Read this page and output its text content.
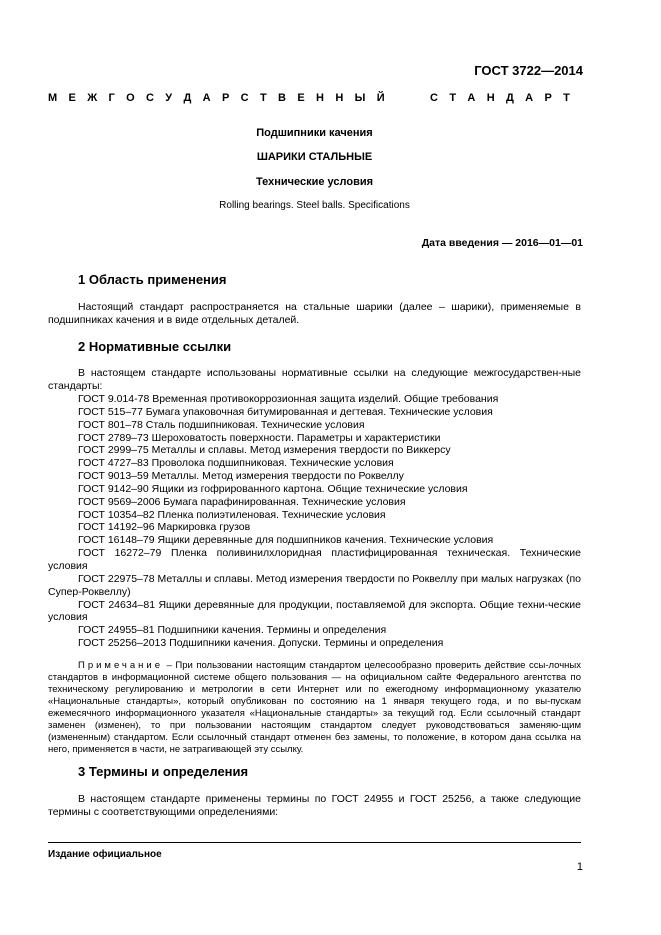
ГОСТ 3722—2014
М Е Ж Г О С У Д А Р С Т В Е Н Н Ы Й	С Т А Н Д А Р Т
Подшипники качения
ШАРИКИ СТАЛЬНЫЕ
Технические условия
Rolling bearings. Steel balls. Specifications
Дата введения — 2016—01—01
1 Область применения
Настоящий стандарт распространяется на стальные шарики (далее – шарики), применяемые в подшипниках качения и в виде отдельных деталей.
2 Нормативные ссылки
В настоящем стандарте использованы нормативные ссылки на следующие межгосударствен-ные стандарты:
ГОСТ 9.014-78 Временная противокоррозионная защита изделий. Общие требования
ГОСТ 515–77 Бумага упаковочная битумированная и дегтевая. Технические условия
ГОСТ 801–78 Сталь подшипниковая. Технические условия
ГОСТ 2789–73 Шероховатость поверхности. Параметры и характеристики
ГОСТ 2999–75 Металлы и сплавы. Метод измерения твердости по Виккерсу
ГОСТ 4727–83 Проволока подшипниковая. Технические условия
ГОСТ 9013–59 Металлы. Метод измерения твердости по Роквеллу
ГОСТ 9142–90 Ящики из гофрированного картона. Общие технические условия
ГОСТ 9569–2006 Бумага парафинированная. Технические условия
ГОСТ 10354–82 Пленка полиэтиленовая. Технические условия
ГОСТ 14192–96 Маркировка грузов
ГОСТ 16148–79 Ящики деревянные для подшипников качения. Технические условия
ГОСТ 16272–79 Пленка поливинилхлоридная пластифицированная техническая. Технические условия
ГОСТ 22975–78 Металлы и сплавы. Метод измерения твердости по Роквеллу при малых нагрузках (по Супер-Роквеллу)
ГОСТ 24634–81 Ящики деревянные для продукции, поставляемой для экспорта. Общие техни-ческие условия
ГОСТ 24955–81 Подшипники качения. Термины и определения
ГОСТ 25256–2013 Подшипники качения. Допуски. Термины и определения
Примечание – При пользовании настоящим стандартом целесообразно проверить действие ссы-лочных стандартов в информационной системе общего пользования — на официальном сайте Федерального агентства по техническому регулированию и метрологии в сети Интернет или по ежегодному информационному указателю «Национальные стандарты», который опубликован по состоянию на 1 января текущего года, и по вы-пускам ежемесячного информационного указателя «Национальные стандарты» за текущий год. Если ссылочный стандарт заменен (изменен), то при пользовании настоящим стандартом следует руководствоваться заменяю-щим (измененным) стандартом. Если ссылочный стандарт отменен без замены, то положение, в котором дана ссылка на него, применяется в части, не затрагивающей эту ссылку.
3 Термины и определения
В настоящем стандарте применены термины по ГОСТ 24955 и ГОСТ 25256, а также следующие термины с соответствующими определениями:
Издание официальное
1
